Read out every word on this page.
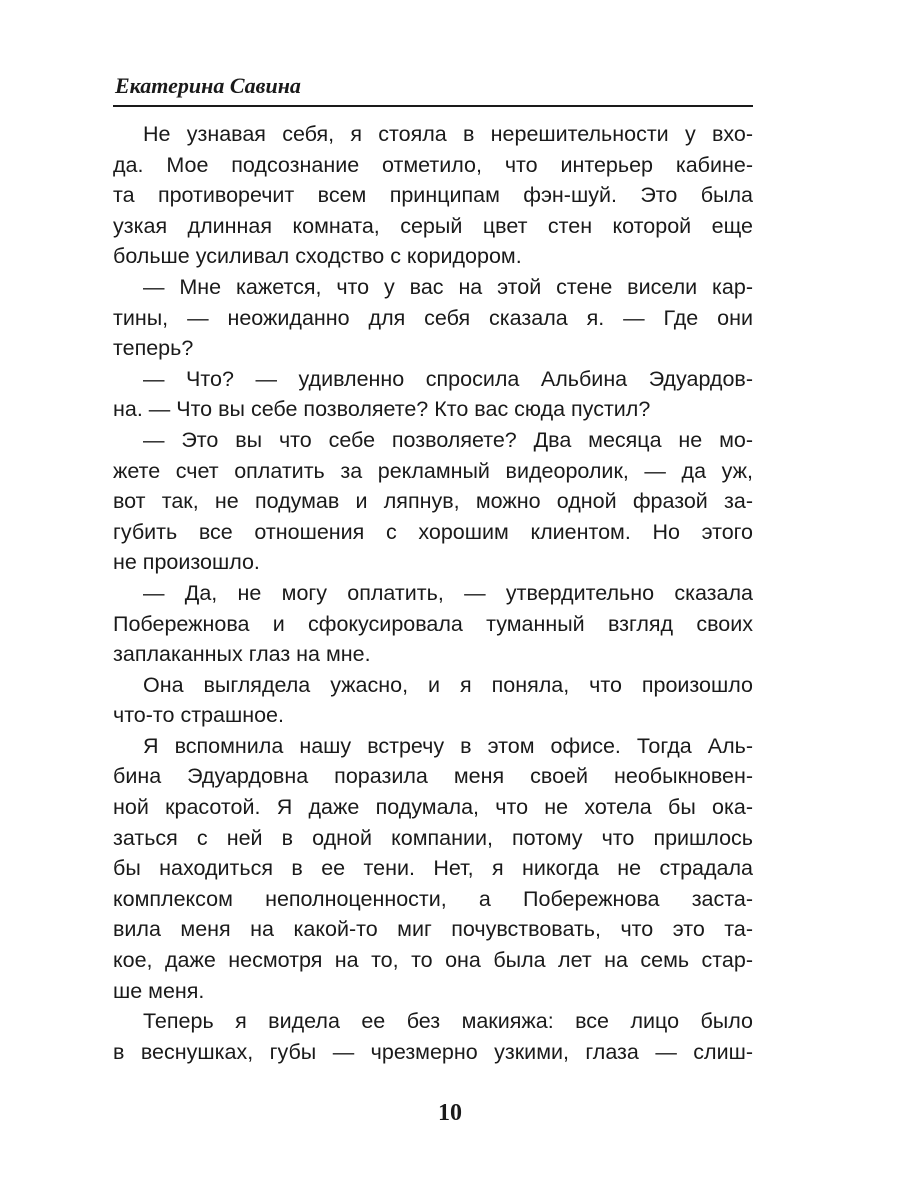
Екатерина Савина
Не узнавая себя, я стояла в нерешительности у вхо-
да. Мое подсознание отметило, что интерьер кабине-
та противоречит всем принципам фэн-шуй. Это была
узкая длинная комната, серый цвет стен которой еще
больше усиливал сходство с коридором.
— Мне кажется, что у вас на этой стене висели кар-
тины, — неожиданно для себя сказала я. — Где они
теперь?
— Что? — удивленно спросила Альбина Эдуардов-
на. — Что вы себе позволяете? Кто вас сюда пустил?
— Это вы что себе позволяете? Два месяца не мо-
жете счет оплатить за рекламный видеоролик, — да уж,
вот так, не подумав и ляпнув, можно одной фразой за-
губить все отношения с хорошим клиентом. Но этого
не произошло.
— Да, не могу оплатить, — утвердительно сказала
Побережнова и сфокусировала туманный взгляд своих
заплаканных глаз на мне.
Она выглядела ужасно, и я поняла, что произошло
что-то страшное.
Я вспомнила нашу встречу в этом офисе. Тогда Аль-
бина Эдуардовна поразила меня своей необыкновен-
ной красотой. Я даже подумала, что не хотела бы ока-
заться с ней в одной компании, потому что пришлось
бы находиться в ее тени. Нет, я никогда не страдала
комплексом неполноценности, а Побережнова заста-
вила меня на какой-то миг почувствовать, что это та-
кое, даже несмотря на то, то она была лет на семь стар-
ше меня.
Теперь я видела ее без макияжа: все лицо было
в веснушках, губы — чрезмерно узкими, глаза — слиш-
10
